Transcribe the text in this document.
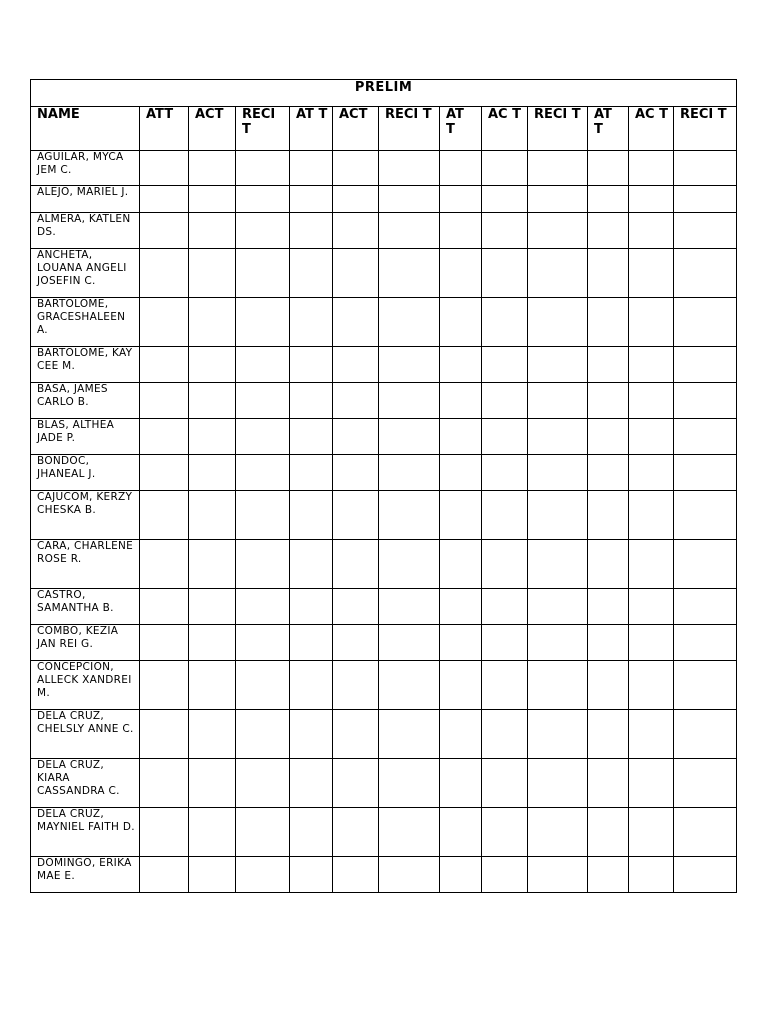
PRELIM												
NAME	ATT	ACT	RECI T	AT T	ACT	RECI T	AT T	AC T	RECI T	AT T	AC T	RECI T
AGUILAR, MYCA JEM C.												
ALEJO, MARIEL J.												
ALMERA, KATLEN DS.												
ANCHETA, LOUANA ANGELI JOSEFIN C.												
BARTOLOME, GRACESHALEEN A.												
BARTOLOME, KAY CEE M.												
BASA, JAMES CARLO B.												
BLAS, ALTHEA JADE P.												
BONDOC, JHANEAL J.												
CAJUCOM, KERZY CHESKA B.												
CARA, CHARLENE ROSE R.												
CASTRO, SAMANTHA B.												
COMBO, KEZIA JAN REI G.												
CONCEPCION, ALLECK XANDREI M.												
DELA CRUZ, CHELSLY ANNE C.												
DELA CRUZ, KIARA CASSANDRA C.												
DELA CRUZ, MAYNIEL FAITH D.												
DOMINGO, ERIKA MAE E.												
